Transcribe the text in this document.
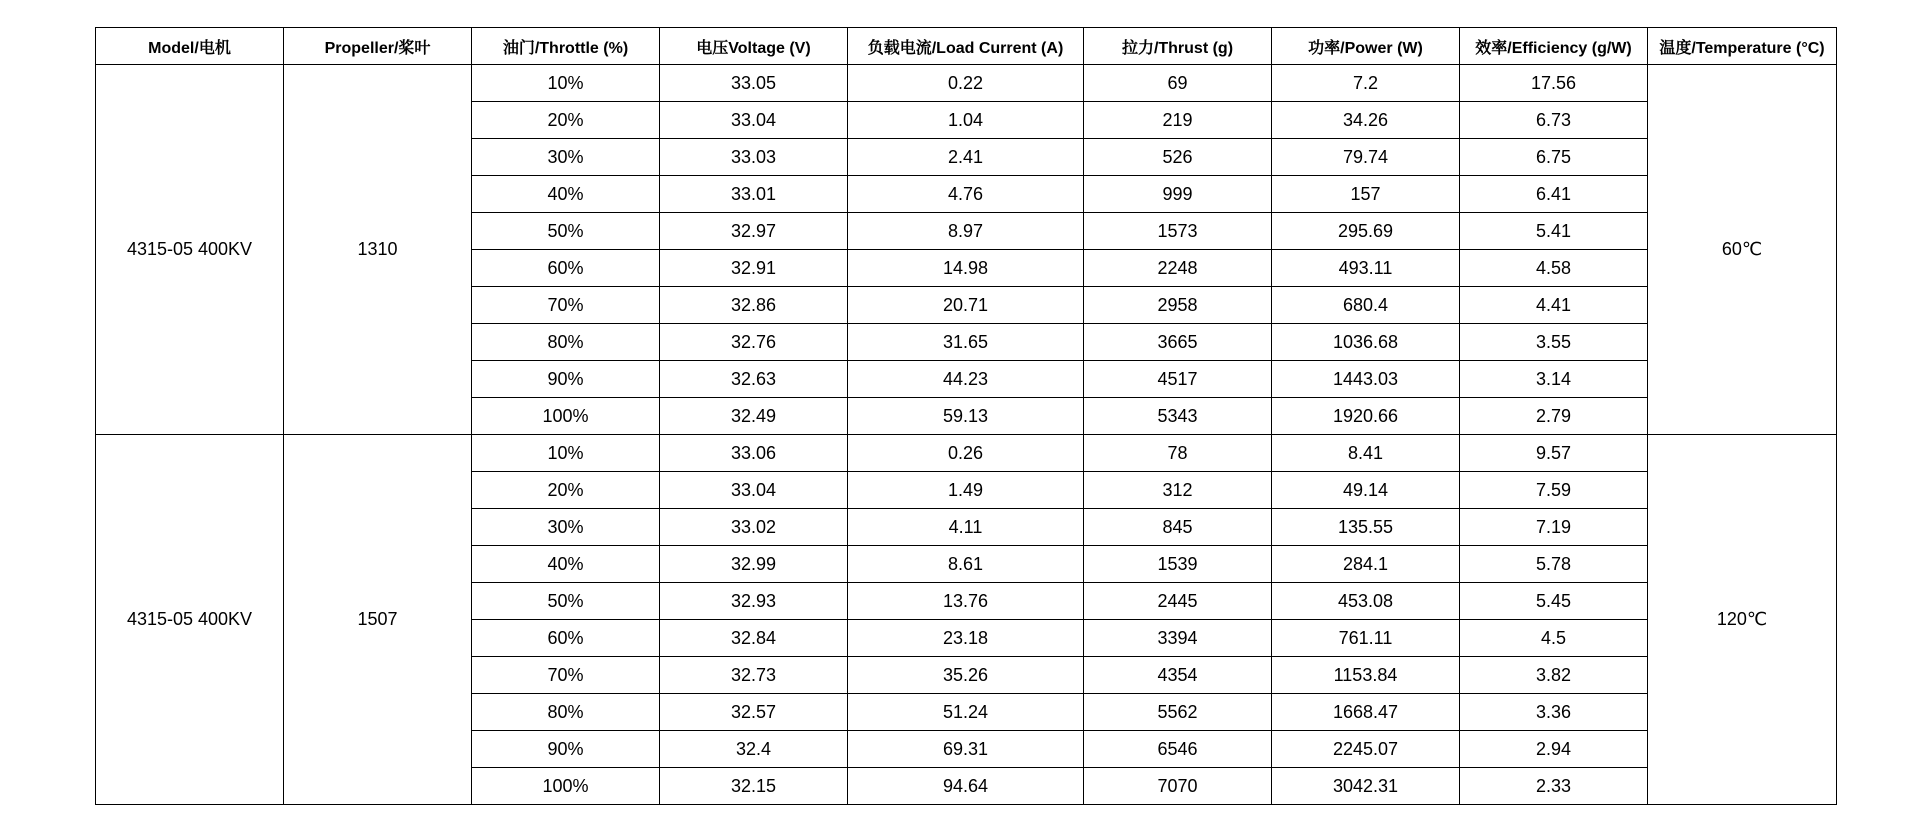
Model/电机	Propeller/桨叶	油门/Throttle (%)	电压Voltage (V)	负载电流/Load Current (A)	拉力/Thrust (g)	功率/Power (W)	效率/Efficiency (g/W)	温度/Temperature (°C)
4315-05 400KV	1310	10%	33.05	0.22	69	7.2	17.56	60℃
		20%	33.04	1.04	219	34.26	6.73	
		30%	33.03	2.41	526	79.74	6.75	
		40%	33.01	4.76	999	157	6.41	
		50%	32.97	8.97	1573	295.69	5.41	
		60%	32.91	14.98	2248	493.11	4.58	
		70%	32.86	20.71	2958	680.4	4.41	
		80%	32.76	31.65	3665	1036.68	3.55	
		90%	32.63	44.23	4517	1443.03	3.14	
		100%	32.49	59.13	5343	1920.66	2.79	
4315-05 400KV	1507	10%	33.06	0.26	78	8.41	9.57	120℃
		20%	33.04	1.49	312	49.14	7.59	
		30%	33.02	4.11	845	135.55	7.19	
		40%	32.99	8.61	1539	284.1	5.78	
		50%	32.93	13.76	2445	453.08	5.45	
		60%	32.84	23.18	3394	761.11	4.5	
		70%	32.73	35.26	4354	1153.84	3.82	
		80%	32.57	51.24	5562	1668.47	3.36	
		90%	32.4	69.31	6546	2245.07	2.94	
		100%	32.15	94.64	7070	3042.31	2.33	
